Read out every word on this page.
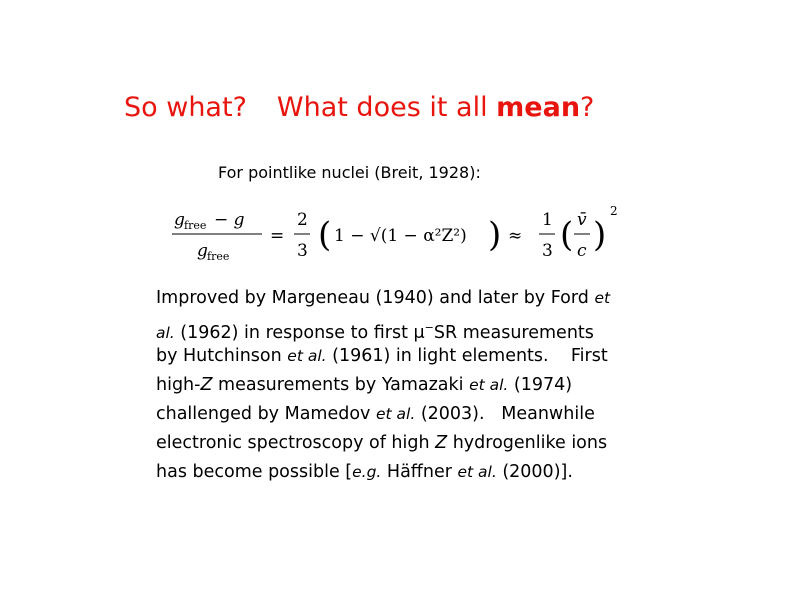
So what? What does it all mean?
For pointlike nuclei (Breit, 1928):
g free − g
g free
=
2
3 ( 1 − √(1 − α²Z²) ) ≈
1
3 ( v̄
c )
2
Improved by Margeneau (1940) and later by Ford et
al. (1962) in response to first μ−SR measurements
by Hutchinson et al. (1961) in light elements.    First
high-Z measurements by Yamazaki et al. (1974)
challenged by Mamedov et al. (2003).   Meanwhile
electronic spectroscopy of high Z hydrogenlike ions
has become possible [e.g. Häffner et al. (2000)].
